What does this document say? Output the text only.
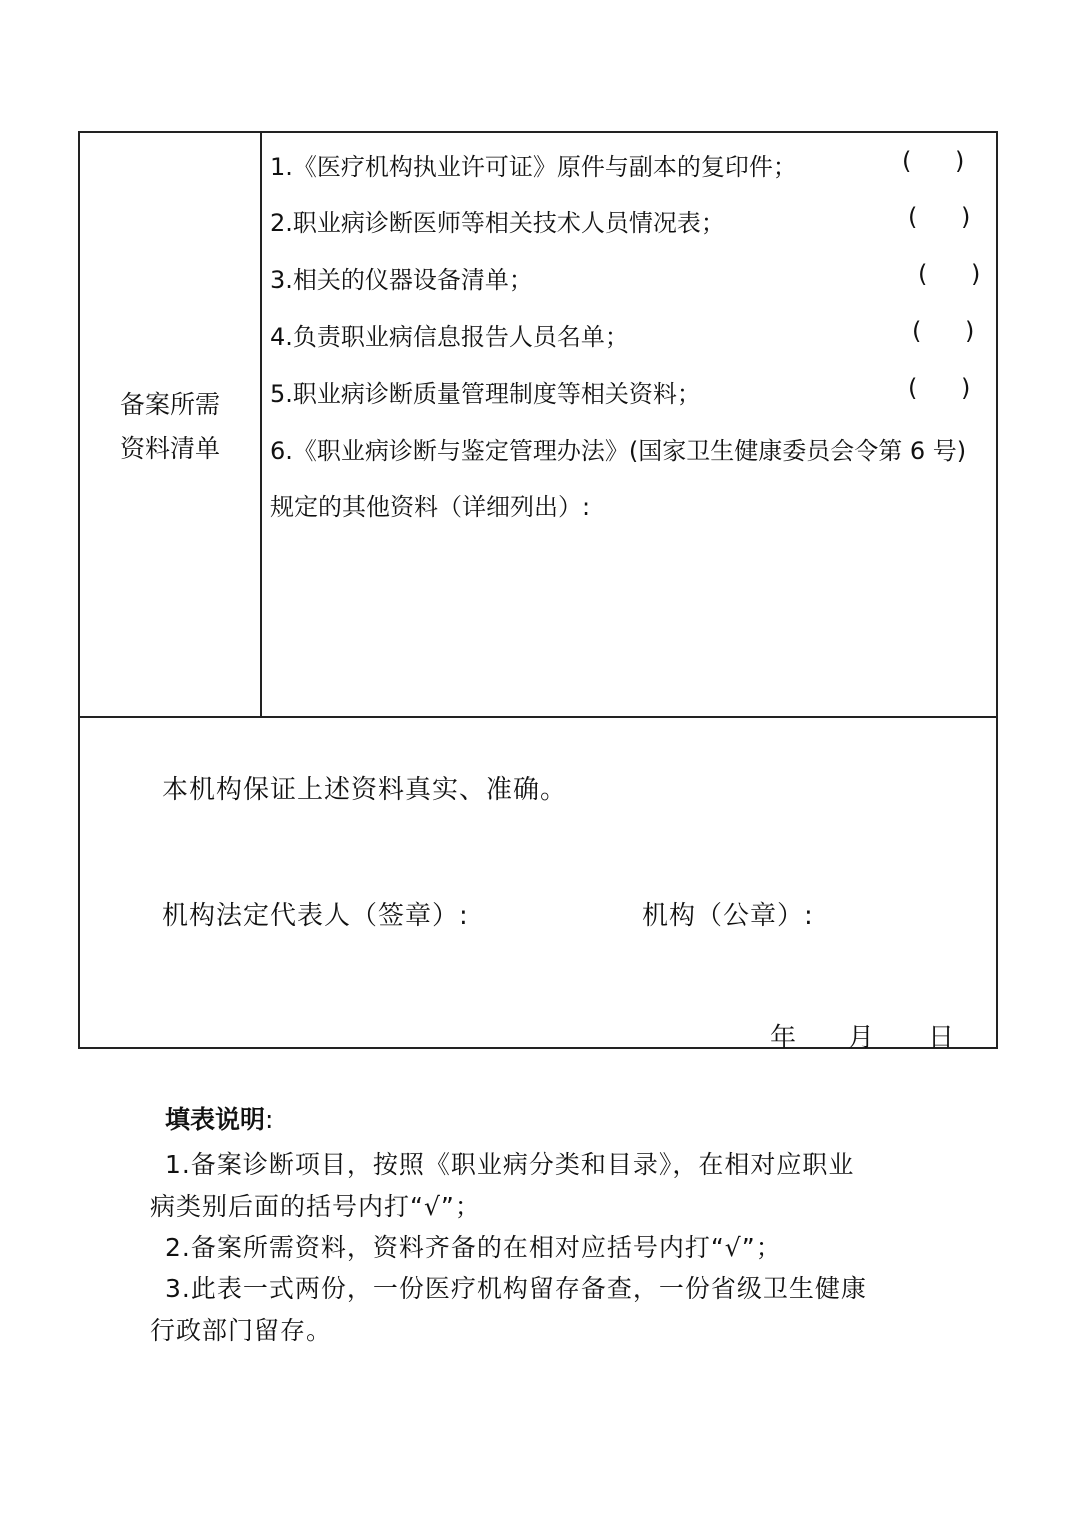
备案所需
资料清单
1.《医疗机构执业许可证》原件与副本的复印件；	( )
2.职业病诊断医师等相关技术人员情况表；	( )
3.相关的仪器设备清单；	( )
4.负责职业病信息报告人员名单；	( )
5.职业病诊断质量管理制度等相关资料；	( )
6.《职业病诊断与鉴定管理办法》(国家卫生健康委员会令第 6 号)
规定的其他资料（详细列出）:
本机构保证上述资料真实、准确。
机构法定代表人（签章）:	机构（公章）:
年 月 日
填表说明:
1.备案诊断项目，按照《职业病分类和目录》，在相对应职业
病类别后面的括号内打“√”；
2.备案所需资料，资料齐备的在相对应括号内打“√”；
3.此表一式两份，一份医疗机构留存备查，一份省级卫生健康
行政部门留存。
